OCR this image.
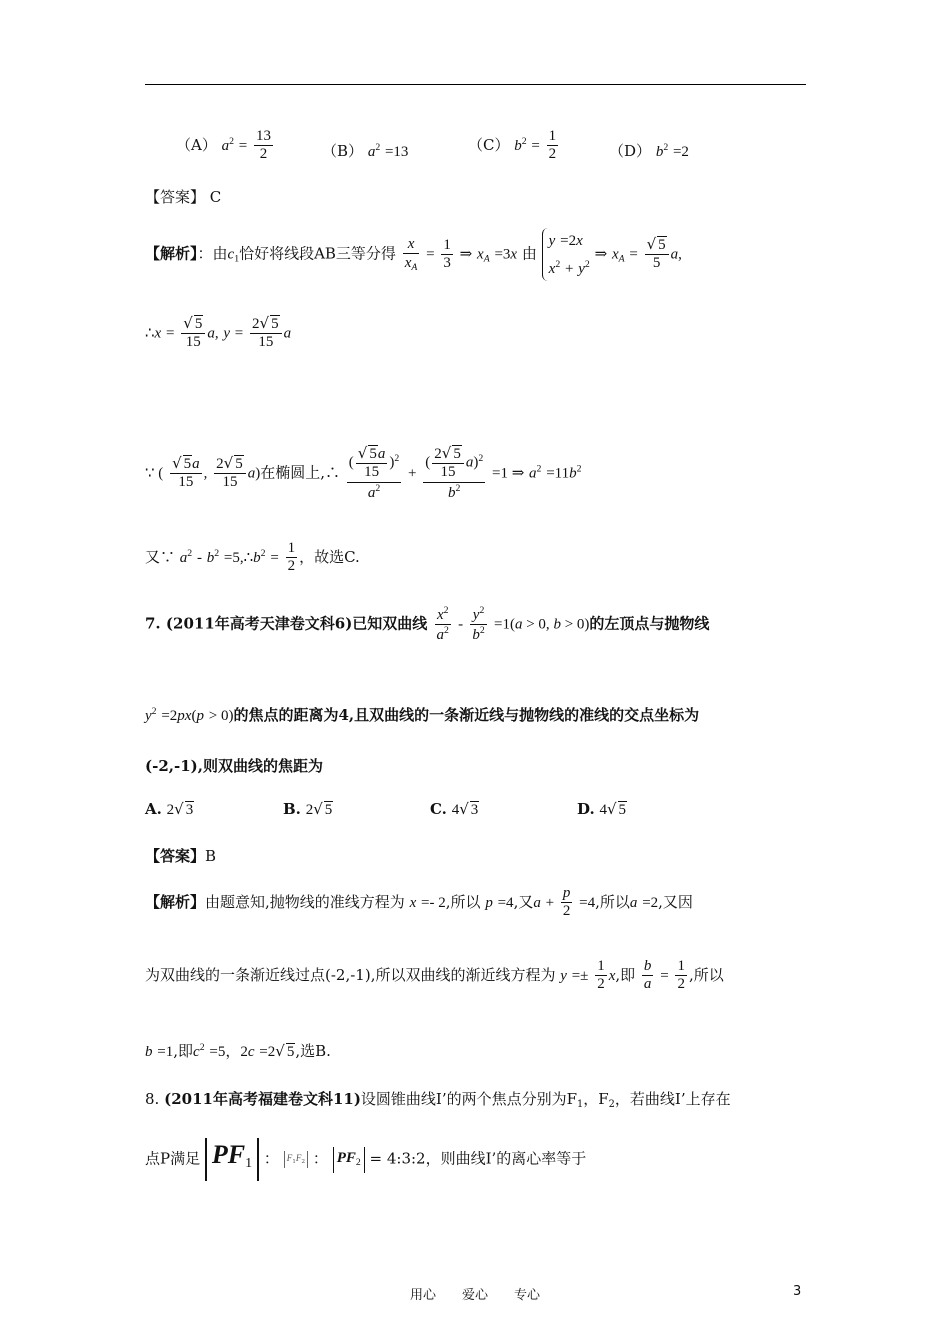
（A） $a^2 = \frac{13}{2}$	（B） $a^2 =13$	（C） $b^2 = \frac{1}{2}$	（D） $b^2 =2$
【答案】 C
【解析】：由$c_1$恰好将线段AB三等分得 $\frac{x}{x_A} = \frac{1}{3}$ ⇒ $x_A =3x$ 由
y =2x
$x^2 + y^2$
⇒ $x_A = \frac{√ 5}{5} a$,
∴x = $\frac{√ 5}{15} a$, $y = \frac{2√ 5}{15}$ a
∵ ( $\frac{√ 5a}{15}$ , $\frac{2√ 5}{15} a$)在椭圆上,∴ $\frac{( \frac{√ 5a}{15} )^2}{a^2} + \frac{( \frac{2√ 5}{15} a)^2}{b^2} =1$ ⇒ $a^2 =11b^2$
又∵ $a^2 - b^2$ $=5,\therefore b^2 = \frac{1}{2}$ ，故选C.
7. (2011年高考天津卷文科6)已知双曲线 $\frac{x^2}{a^2} - \frac{y^2}{b^2} =1(a > 0$, b > 0)的左顶点与抛物线
$y^2 =2px(p > 0)$的焦点的距离为4,且双曲线的一条渐近线与抛物线的准线的交点坐标为
(-2,-1),则双曲线的焦距为
A. 2√ 3	B. 2√ 5	C. 4√ 3	D. 4√ 5
【答案】B
【解析】由题意知,抛物线的准线方程为 x =- 2,所以 p =4,又$a + \frac{p}{2} =4$,所以a =2,又因
为双曲线的一条渐近线过点(-2,-1),所以双曲线的渐近线方程为 $y =\pm \frac{1}{2} x$,即 $\frac{b}{a} = \frac{1}{2}$ ,所以
b =1,即$c^2 =5$，2c =2√ 5,选B.
8. (2011年高考福建卷文科11)设圆锥曲线Ⅰ’的两个焦点分别为$F_1$，$F_2$，若曲线Ⅰ’上存在
点P满足 $PF_1$ ： $F_1F_2$ ： $PF_2$ = 4:3:2，则曲线Ⅰ’的离心率等于
用心　　爱心　　专心	3
